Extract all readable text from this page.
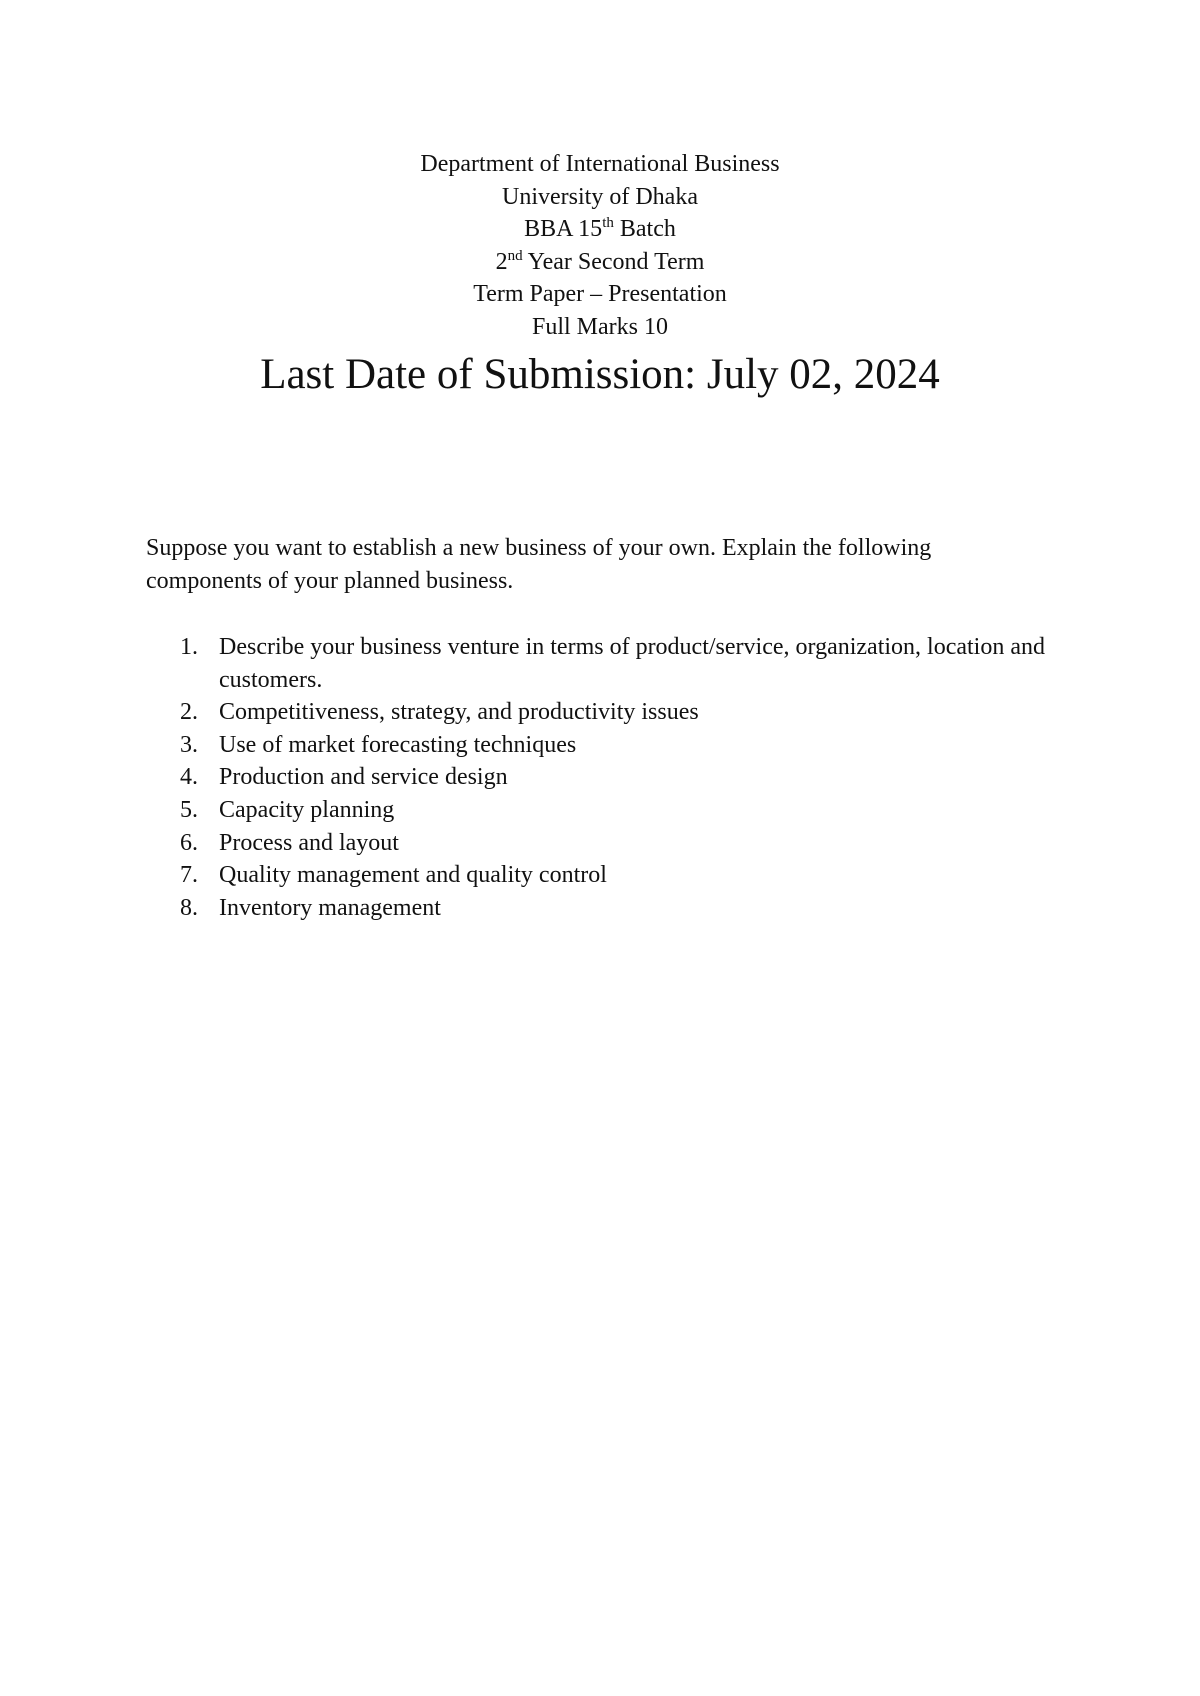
Department of International Business
University of Dhaka
BBA 15th Batch
2nd Year Second Term
Term Paper – Presentation
Full Marks 10
Last Date of Submission: July 02, 2024
Suppose you want to establish a new business of your own. Explain the following components of your planned business.
1. Describe your business venture in terms of product/service, organization, location and customers.
2. Competitiveness, strategy, and productivity issues
3. Use of market forecasting techniques
4. Production and service design
5. Capacity planning
6. Process and layout
7. Quality management and quality control
8. Inventory management
